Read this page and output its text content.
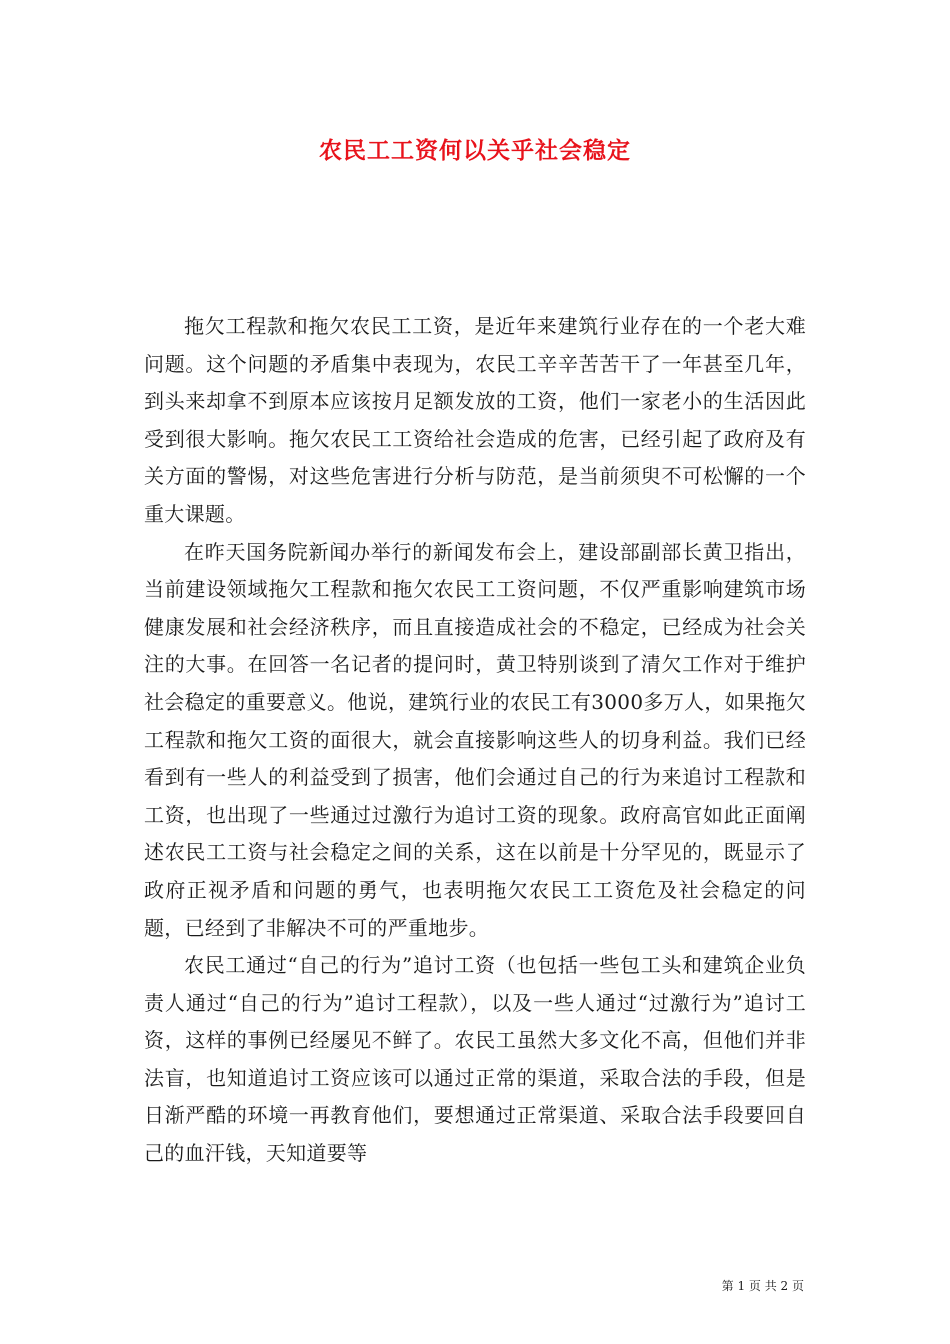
农民工工资何以关乎社会稳定

拖欠工程款和拖欠农民工工资，是近年来建筑行业存在的一个老大难问题。这个问题的矛盾集中表现为，农民工辛辛苦苦干了一年甚至几年，到头来却拿不到原本应该按月足额发放的工资，他们一家老小的生活因此受到很大影响。拖欠农民工工资给社会造成的危害，已经引起了政府及有关方面的警惕，对这些危害进行分析与防范，是当前须臾不可松懈的一个重大课题。

在昨天国务院新闻办举行的新闻发布会上，建设部副部长黄卫指出，当前建设领域拖欠工程款和拖欠农民工工资问题，不仅严重影响建筑市场健康发展和社会经济秩序，而且直接造成社会的不稳定，已经成为社会关注的大事。在回答一名记者的提问时，黄卫特别谈到了清欠工作对于维护社会稳定的重要意义。他说，建筑行业的农民工有3000多万人，如果拖欠工程款和拖欠工资的面很大，就会直接影响这些人的切身利益。我们已经看到有一些人的利益受到了损害，他们会通过自己的行为来追讨工程款和工资，也出现了一些通过过激行为追讨工资的现象。政府高官如此正面阐述农民工工资与社会稳定之间的关系，这在以前是十分罕见的，既显示了政府正视矛盾和问题的勇气，也表明拖欠农民工工资危及社会稳定的问题，已经到了非解决不可的严重地步。

农民工通过“自己的行为”追讨工资（也包括一些包工头和建筑企业负责人通过“自己的行为”追讨工程款），以及一些人通过“过激行为”追讨工资，这样的事例已经屡见不鲜了。农民工虽然大多文化不高，但他们并非法盲，也知道追讨工资应该可以通过正常的渠道，采取合法的手段，但是日渐严酷的环境一再教育他们，要想通过正常渠道、采取合法手段要回自己的血汗钱，天知道要等

第 1 页 共 2 页
